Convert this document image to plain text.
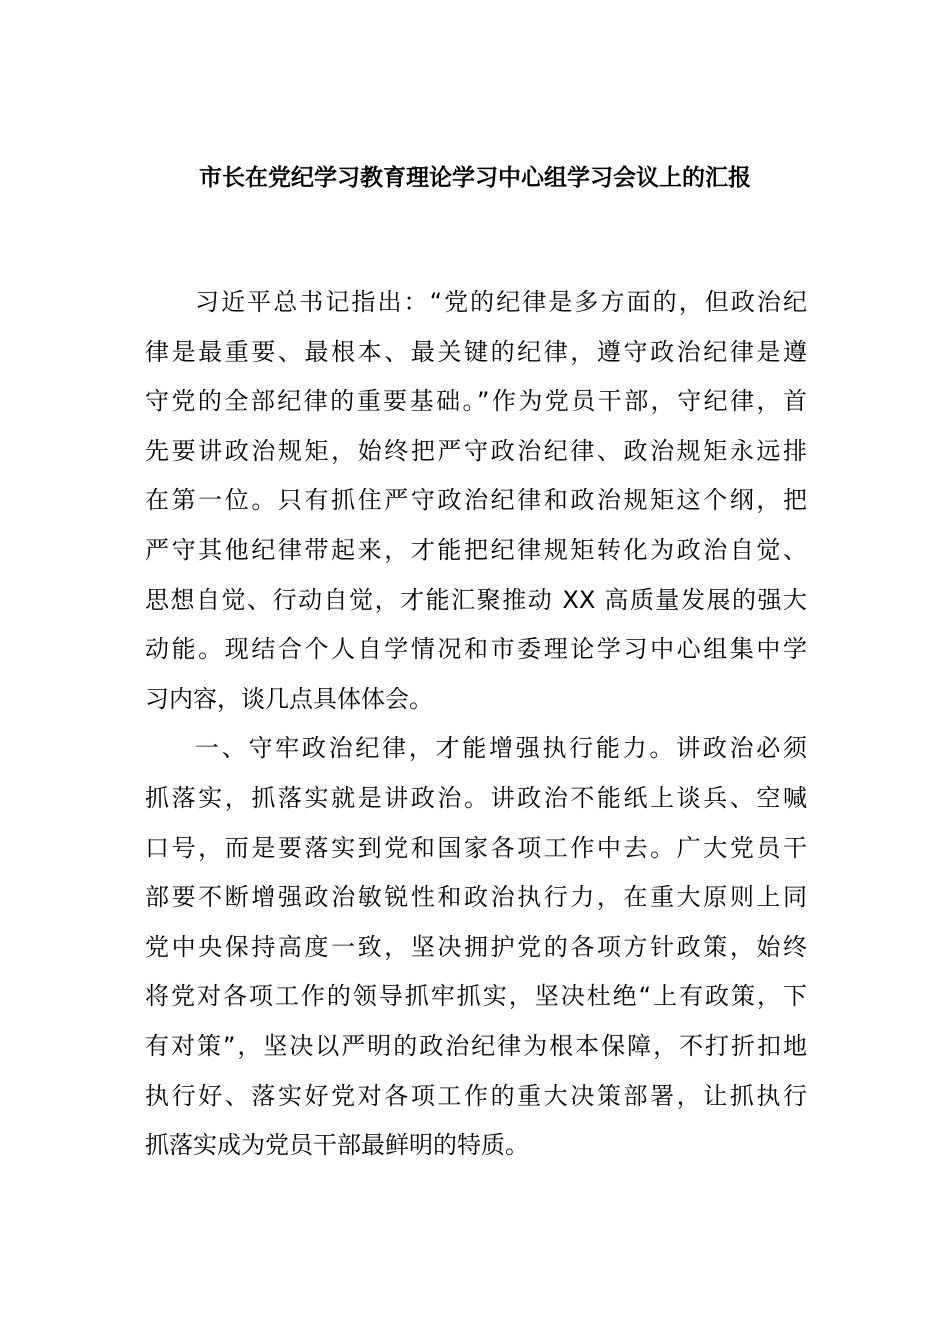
市长在党纪学习教育理论学习中心组学习会议上的汇报
习近平总书记指出：“党的纪律是多方面的，但政治纪
律是最重要、最根本、最关键的纪律，遵守政治纪律是遵
守党的全部纪律的重要基础。”作为党员干部，守纪律，首
先要讲政治规矩，始终把严守政治纪律、政治规矩永远排
在第一位。只有抓住严守政治纪律和政治规矩这个纲，把
严守其他纪律带起来，才能把纪律规矩转化为政治自觉、
思想自觉、行动自觉，才能汇聚推动 XX 高质量发展的强大
动能。现结合个人自学情况和市委理论学习中心组集中学
习内容，谈几点具体体会。
一、守牢政治纪律，才能增强执行能力。讲政治必须
抓落实，抓落实就是讲政治。讲政治不能纸上谈兵、空喊
口号，而是要落实到党和国家各项工作中去。广大党员干
部要不断增强政治敏锐性和政治执行力，在重大原则上同
党中央保持高度一致，坚决拥护党的各项方针政策，始终
将党对各项工作的领导抓牢抓实，坚决杜绝“上有政策，下
有对策”，坚决以严明的政治纪律为根本保障，不打折扣地
执行好、落实好党对各项工作的重大决策部署，让抓执行
抓落实成为党员干部最鲜明的特质。
